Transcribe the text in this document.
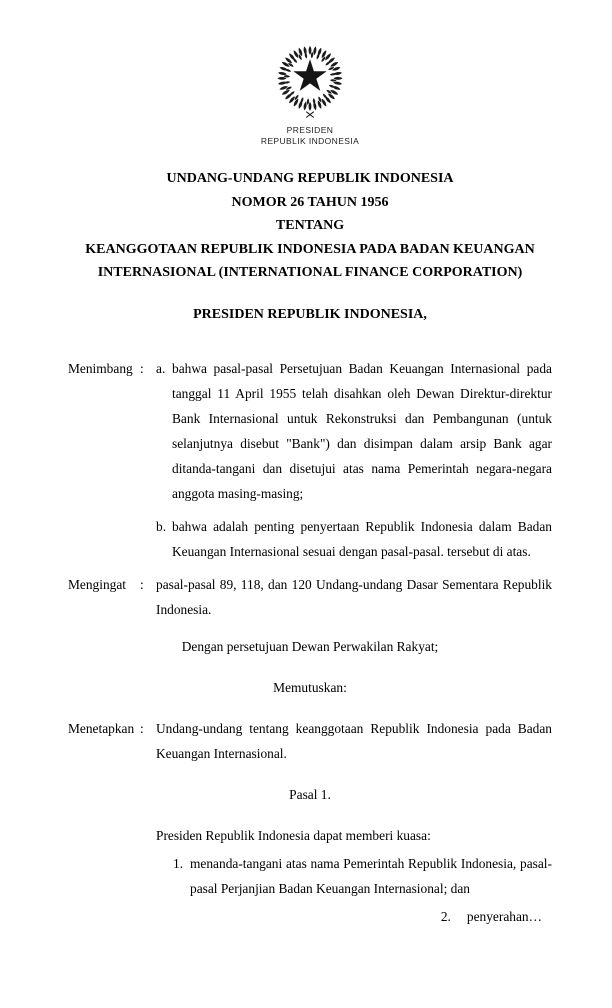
PRESIDEN
REPUBLIK INDONESIA
UNDANG-UNDANG REPUBLIK INDONESIA
NOMOR 26 TAHUN 1956
TENTANG
KEANGGOTAAN REPUBLIK INDONESIA PADA BADAN KEUANGAN
INTERNASIONAL (INTERNATIONAL FINANCE CORPORATION)
PRESIDEN REPUBLIK INDONESIA,
Menimbang : a. bahwa pasal-pasal Persetujuan Badan Keuangan Internasional pada tanggal 11 April 1955 telah disahkan oleh Dewan Direktur-direktur Bank Internasional untuk Rekonstruksi dan Pembangunan (untuk selanjutnya disebut "Bank") dan disimpan dalam arsip Bank agar ditanda-tangani dan disetujui atas nama Pemerintah negara-negara anggota masing-masing;
b. bahwa adalah penting penyertaan Republik Indonesia dalam Badan Keuangan Internasional sesuai dengan pasal-pasal. tersebut di atas.
Mengingat	: pasal-pasal 89, 118, dan 120 Undang-undang Dasar Sementara Republik Indonesia.
Dengan persetujuan Dewan Perwakilan Rakyat;
Memutuskan:
Menetapkan : Undang-undang tentang keanggotaan Republik Indonesia pada Badan Keuangan Internasional.
Pasal 1.
Presiden Republik Indonesia dapat memberi kuasa:
1. menanda-tangani atas nama Pemerintah Republik Indonesia, pasal-pasal Perjanjian Badan Keuangan Internasional; dan
2. penyerahan…
